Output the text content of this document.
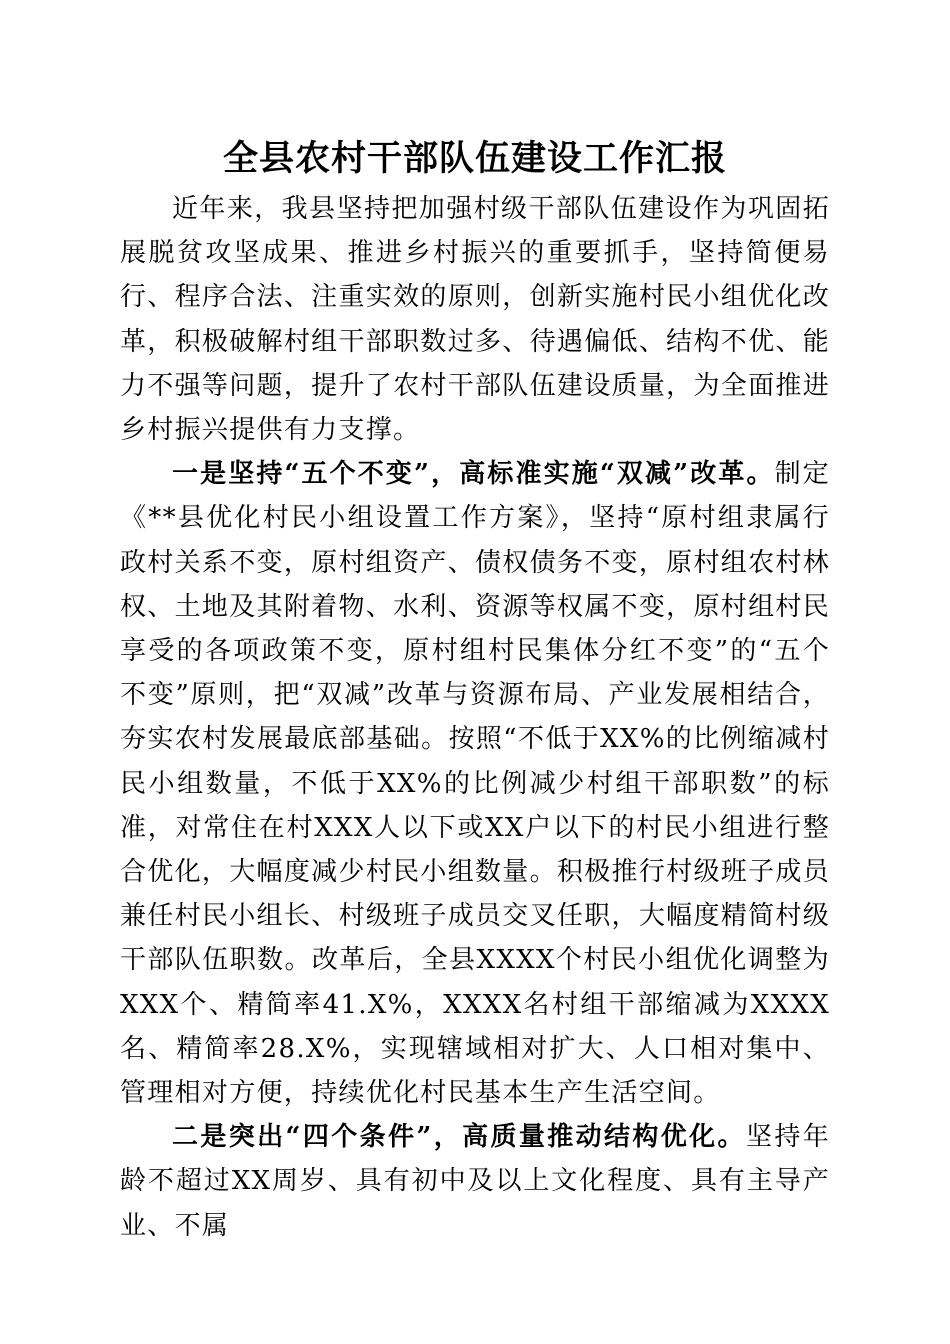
全县农村干部队伍建设工作汇报

近年来，我县坚持把加强村级干部队伍建设作为巩固拓展脱贫攻坚成果、推进乡村振兴的重要抓手，坚持简便易行、程序合法、注重实效的原则，创新实施村民小组优化改革，积极破解村组干部职数过多、待遇偏低、结构不优、能力不强等问题，提升了农村干部队伍建设质量，为全面推进乡村振兴提供有力支撑。

一是坚持“五个不变”，高标准实施“双减”改革。制定《**县优化村民小组设置工作方案》，坚持“原村组隶属行政村关系不变，原村组资产、债权债务不变，原村组农村林权、土地及其附着物、水利、资源等权属不变，原村组村民享受的各项政策不变，原村组村民集体分红不变”的“五个不变”原则，把“双减”改革与资源布局、产业发展相结合，夯实农村发展最底部基础。按照“不低于XX%的比例缩减村民小组数量，不低于XX%的比例减少村组干部职数”的标准，对常住在村XXX人以下或XX户以下的村民小组进行整合优化，大幅度减少村民小组数量。积极推行村级班子成员兼任村民小组长、村级班子成员交叉任职，大幅度精简村级干部队伍职数。改革后，全县XXXX个村民小组优化调整为XXX个、精简率41.X%，XXXX名村组干部缩减为XXXX名、精简率28.X%，实现辖域相对扩大、人口相对集中、管理相对方便，持续优化村民基本生产生活空间。

二是突出“四个条件”，高质量推动结构优化。坚持年龄不超过XX周岁、具有初中及以上文化程度、具有主导产业、不属
